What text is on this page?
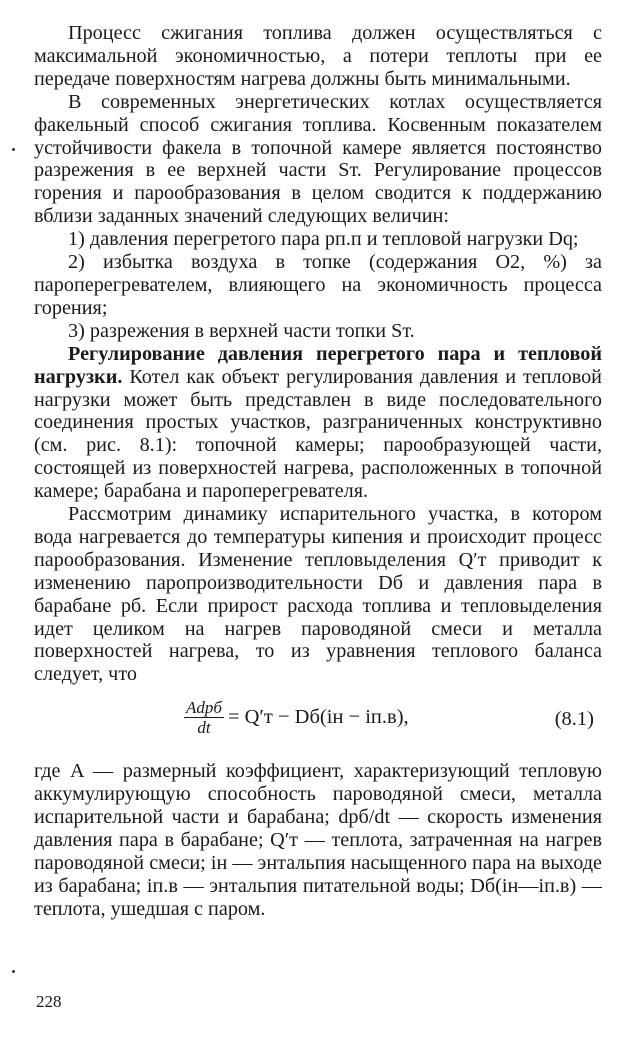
Процесс сжигания топлива должен осуществляться с максимальной экономичностью, а потери теплоты при ее передаче поверхностям нагрева должны быть минимальными.

В современных энергетических котлах осуществляется факельный способ сжигания топлива. Косвенным показателем устойчивости факела в топочной камере является постоянство разрежения в ее верхней части Sт. Регулирование процессов горения и парообразования в целом сводится к поддержанию вблизи заданных значений следующих величин:

1) давления перегретого пара pп.п и тепловой нагрузки Dq;

2) избытка воздуха в топке (содержания O2, %) за пароперегревателем, влияющего на экономичность процесса горения;

3) разрежения в верхней части топки Sт.

Регулирование давления перегретого пара и тепловой нагрузки. Котел как объект регулирования давления и тепловой нагрузки может быть представлен в виде последовательного соединения простых участков, разграниченных конструктивно (см. рис. 8.1): топочной камеры; парообразующей части, состоящей из поверхностей нагрева, расположенных в топочной камере; барабана и пароперегревателя.

Рассмотрим динамику испарительного участка, в котором вода нагревается до температуры кипения и происходит процесс парообразования. Изменение тепловыделения Q′т приводит к изменению паропроизводительности Dб и давления пара в барабане pб. Если прирост расхода топлива и тепловыделения идет целиком на нагрев пароводяной смеси и металла поверхностей нагрева, то из уравнения теплового баланса следует, что

$\frac{\text{Adpб}}{dt} = Q'т - Dб(iн - iп.в)$,	(8.1)

где A — размерный коэффициент, характеризующий тепловую аккумулирующую способность пароводяной смеси, металла испарительной части и барабана; dpб/dt — скорость изменения давления пара в барабане; Q′т — теплота, затраченная на нагрев пароводяной смеси; iн — энтальпия насыщенного пара на выходе из барабана; iп.в — энтальпия питательной воды; Dб(iн—iп.в) — теплота, ушедшая с паром.

228
